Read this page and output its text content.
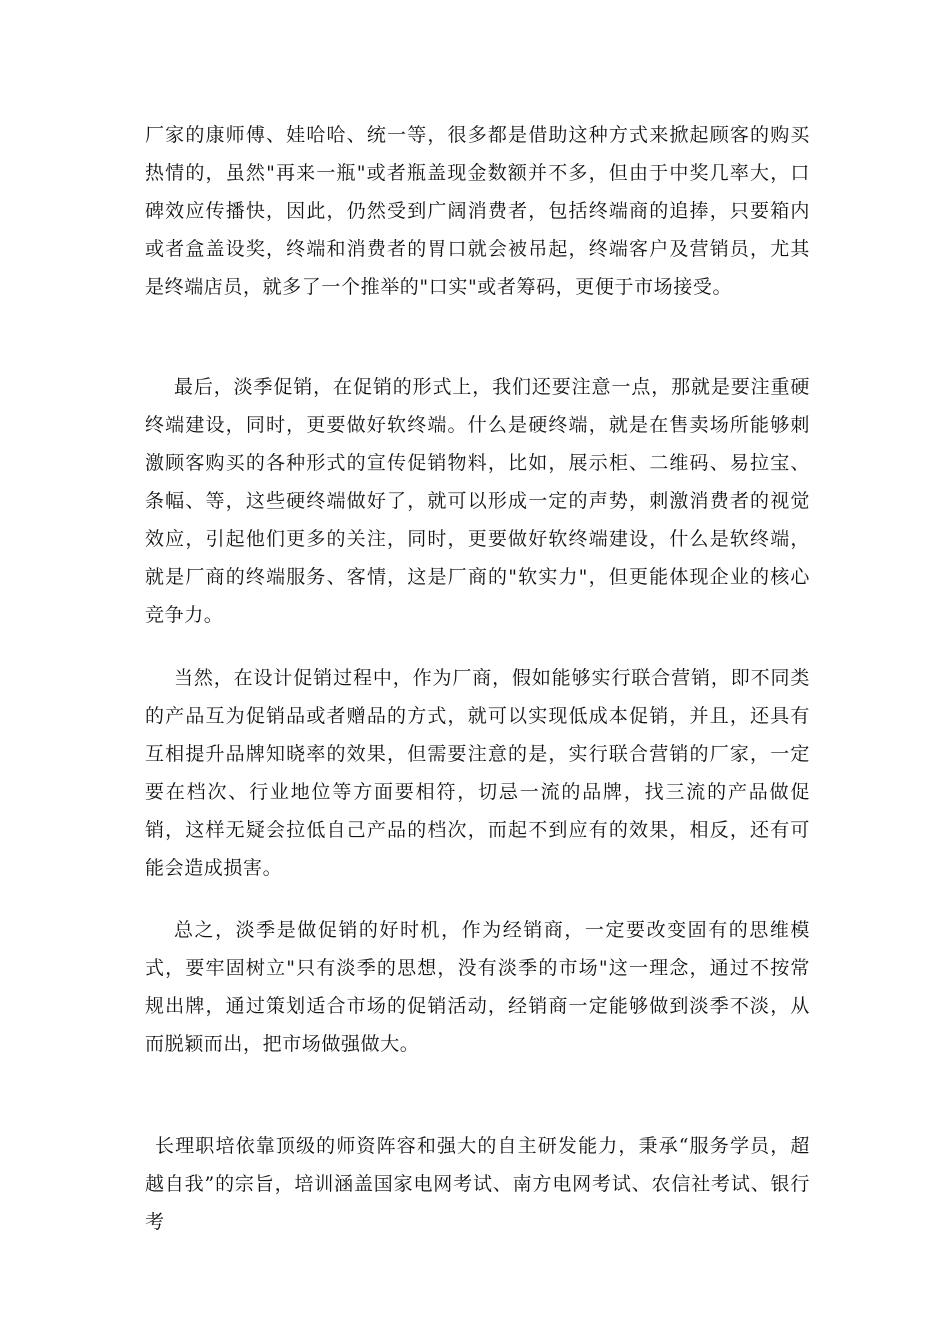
厂家的康师傅、娃哈哈、统一等，很多都是借助这种方式来掀起顾客的购买热情的，虽然"再来一瓶"或者瓶盖现金数额并不多，但由于中奖几率大，口碑效应传播快，因此，仍然受到广阔消费者，包括终端商的追捧，只要箱内或者盒盖设奖，终端和消费者的胃口就会被吊起，终端客户及营销员，尤其是终端店员，就多了一个推举的"口实"或者筹码，更便于市场接受。

最后，淡季促销，在促销的形式上，我们还要注意一点，那就是要注重硬终端建设，同时，更要做好软终端。什么是硬终端，就是在售卖场所能够刺激顾客购买的各种形式的宣传促销物料，比如，展示柜、二维码、易拉宝、条幅、等，这些硬终端做好了，就可以形成一定的声势，刺激消费者的视觉效应，引起他们更多的关注，同时，更要做好软终端建设，什么是软终端，就是厂商的终端服务、客情，这是厂商的"软实力"，但更能体现企业的核心竞争力。

当然，在设计促销过程中，作为厂商，假如能够实行联合营销，即不同类的产品互为促销品或者赠品的方式，就可以实现低成本促销，并且，还具有互相提升品牌知晓率的效果，但需要注意的是，实行联合营销的厂家，一定要在档次、行业地位等方面要相符，切忌一流的品牌，找三流的产品做促销，这样无疑会拉低自己产品的档次，而起不到应有的效果，相反，还有可能会造成损害。

总之，淡季是做促销的好时机，作为经销商，一定要改变固有的思维模式，要牢固树立"只有淡季的思想，没有淡季的市场"这一理念，通过不按常规出牌，通过策划适合市场的促销活动，经销商一定能够做到淡季不淡，从而脱颖而出，把市场做强做大。

长理职培依靠顶级的师资阵容和强大的自主研发能力，秉承“服务学员，超越自我”的宗旨，培训涵盖国家电网考试、南方电网考试、农信社考试、银行考
